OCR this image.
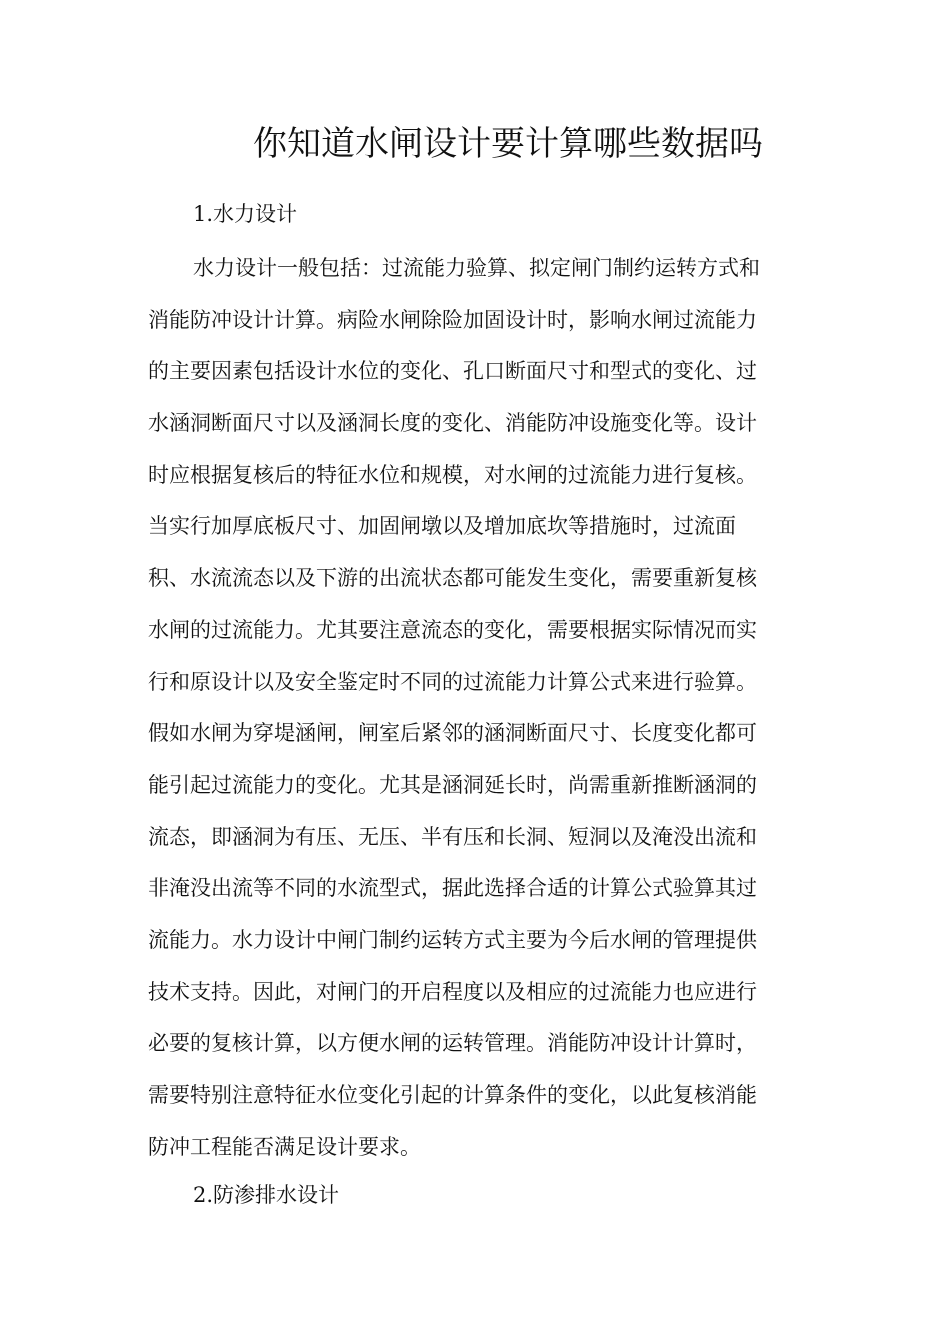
你知道水闸设计要计算哪些数据吗

1.水力设计

水力设计一般包括：过流能力验算、拟定闸门制约运转方式和
消能防冲设计计算。病险水闸除险加固设计时，影响水闸过流能力
的主要因素包括设计水位的变化、孔口断面尺寸和型式的变化、过
水涵洞断面尺寸以及涵洞长度的变化、消能防冲设施变化等。设计
时应根据复核后的特征水位和规模，对水闸的过流能力进行复核。
当实行加厚底板尺寸、加固闸墩以及增加底坎等措施时，过流面
积、水流流态以及下游的出流状态都可能发生变化，需要重新复核
水闸的过流能力。尤其要注意流态的变化，需要根据实际情况而实
行和原设计以及安全鉴定时不同的过流能力计算公式来进行验算。
假如水闸为穿堤涵闸，闸室后紧邻的涵洞断面尺寸、长度变化都可
能引起过流能力的变化。尤其是涵洞延长时，尚需重新推断涵洞的
流态，即涵洞为有压、无压、半有压和长洞、短洞以及淹没出流和
非淹没出流等不同的水流型式，据此选择合适的计算公式验算其过
流能力。水力设计中闸门制约运转方式主要为今后水闸的管理提供
技术支持。因此，对闸门的开启程度以及相应的过流能力也应进行
必要的复核计算，以方便水闸的运转管理。消能防冲设计计算时，
需要特别注意特征水位变化引起的计算条件的变化，以此复核消能
防冲工程能否满足设计要求。

2.防渗排水设计
